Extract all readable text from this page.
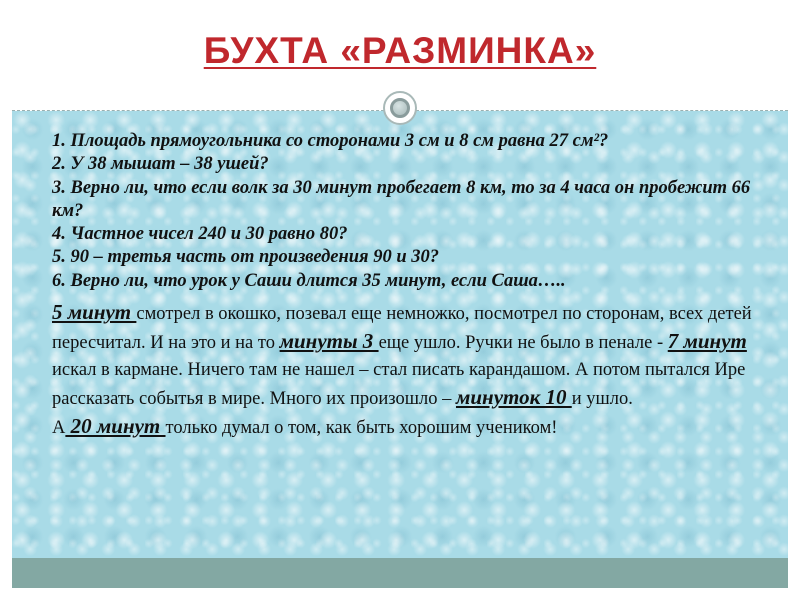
БУХТА «РАЗМИНКА»

1. Площадь прямоугольника со сторонами 3 см и 8 см равна 27 см²?

2. У 38 мышат – 38 ушей?

3. Верно ли, что если волк за 30 минут пробегает 8 км, то за 4 часа он пробежит 66 км?

4. Частное чисел 240 и 30 равно 80?

5. 90 – третья часть от произведения 90 и 30?

6. Верно ли, что урок у Саши длится 35 минут, если Саша…..

5 минут смотрел в окошко, позевал еще немножко, посмотрел по сторонам, всех детей пересчитал. И на это и на то минуты 3 еще ушло. Ручки не было в пенале - 7 минут искал в кармане. Ничего там не нашел – стал писать карандашом. А потом пытался Ире рассказать событья в мире. Много их произошло – минуток 10 и ушло.
А 20 минут только думал о том, как быть хорошим учеником!
